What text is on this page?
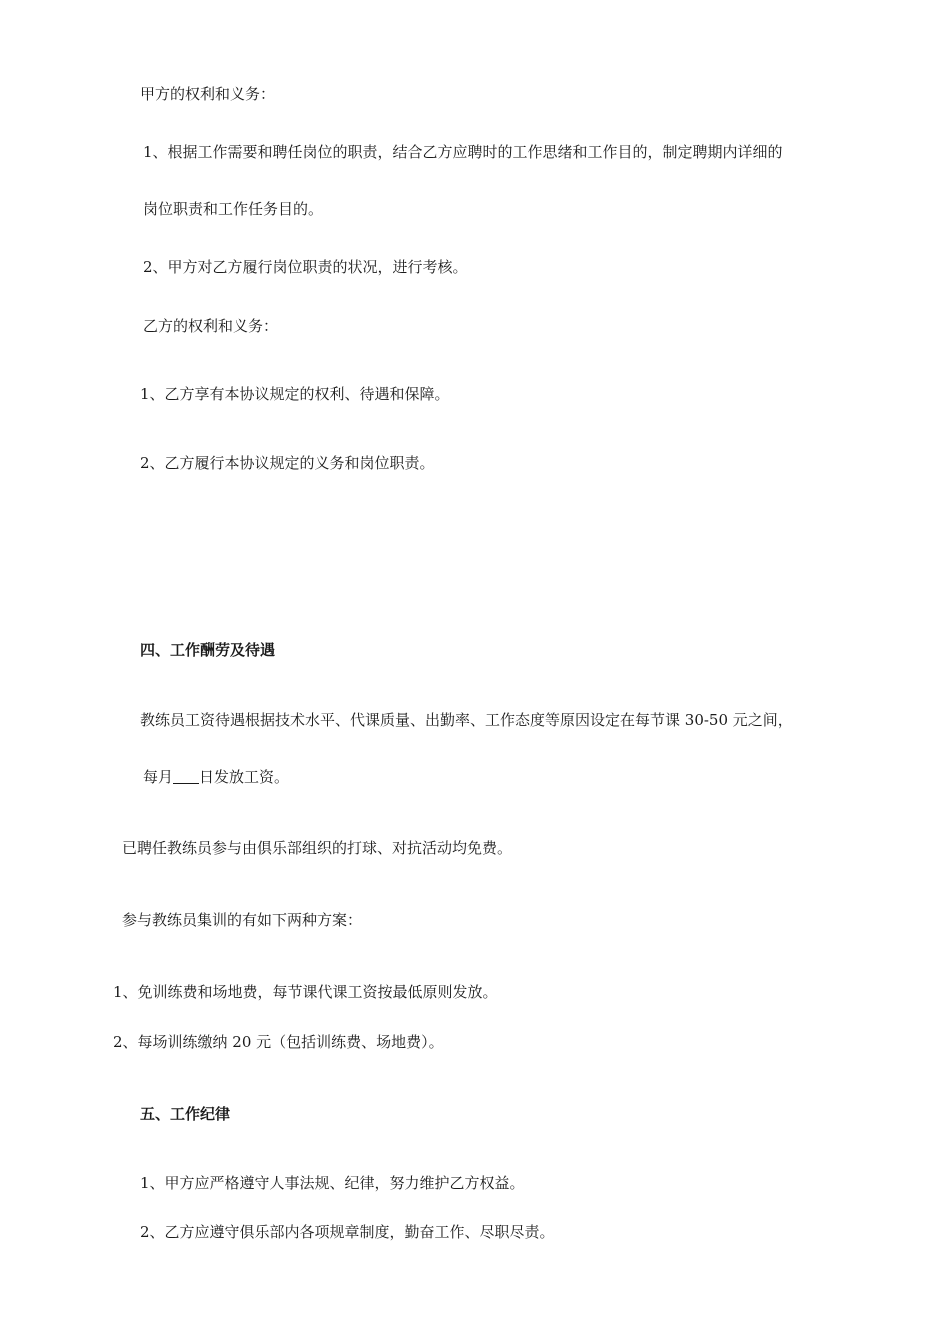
甲方的权利和义务：
1、根据工作需要和聘任岗位的职责，结合乙方应聘时的工作思绪和工作目的，制定聘期内详细的
岗位职责和工作任务目的。
2、甲方对乙方履行岗位职责的状况，进行考核。
乙方的权利和义务：
1、乙方享有本协议规定的权利、待遇和保障。
2、乙方履行本协议规定的义务和岗位职责。
四、工作酬劳及待遇
教练员工资待遇根据技术水平、代课质量、出勤率、工作态度等原因设定在每节课 30-50 元之间，
每月 日发放工资。
已聘任教练员参与由俱乐部组织的打球、对抗活动均免费。
参与教练员集训的有如下两种方案：
1、免训练费和场地费，每节课代课工资按最低原则发放。
2、每场训练缴纳 20 元（包括训练费、场地费）。
五、工作纪律
1、甲方应严格遵守人事法规、纪律，努力维护乙方权益。
2、乙方应遵守俱乐部内各项规章制度，勤奋工作、尽职尽责。
